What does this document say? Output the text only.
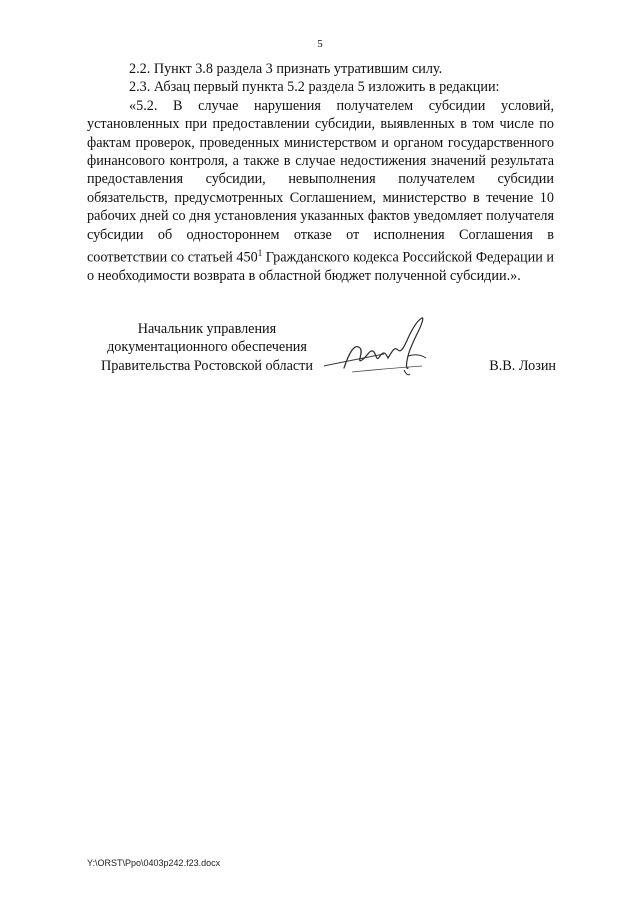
5

2.2. Пункт 3.8 раздела 3 признать утратившим силу.

2.3. Абзац первый пункта 5.2 раздела 5 изложить в редакции:

«5.2. В случае нарушения получателем субсидии условий, установленных при предоставлении субсидии, выявленных в том числе по фактам проверок, проведенных министерством и органом государственного финансового контроля, а также в случае недостижения значений результата предоставления субсидии, невыполнения получателем субсидии обязательств, предусмотренных Соглашением, министерство в течение 10 рабочих дней со дня установления указанных фактов уведомляет получателя субсидии об одностороннем отказе от исполнения Соглашения в соответствии со статьей $450^1$ Гражданского кодекса Российской Федерации и о необходимости возврата в областной бюджет полученной субсидии.».

Начальник управления
документационного обеспечения
Правительства Ростовской области	В.В. Лозин
Y:\ORST\Ppo\0403p242.f23.docx
